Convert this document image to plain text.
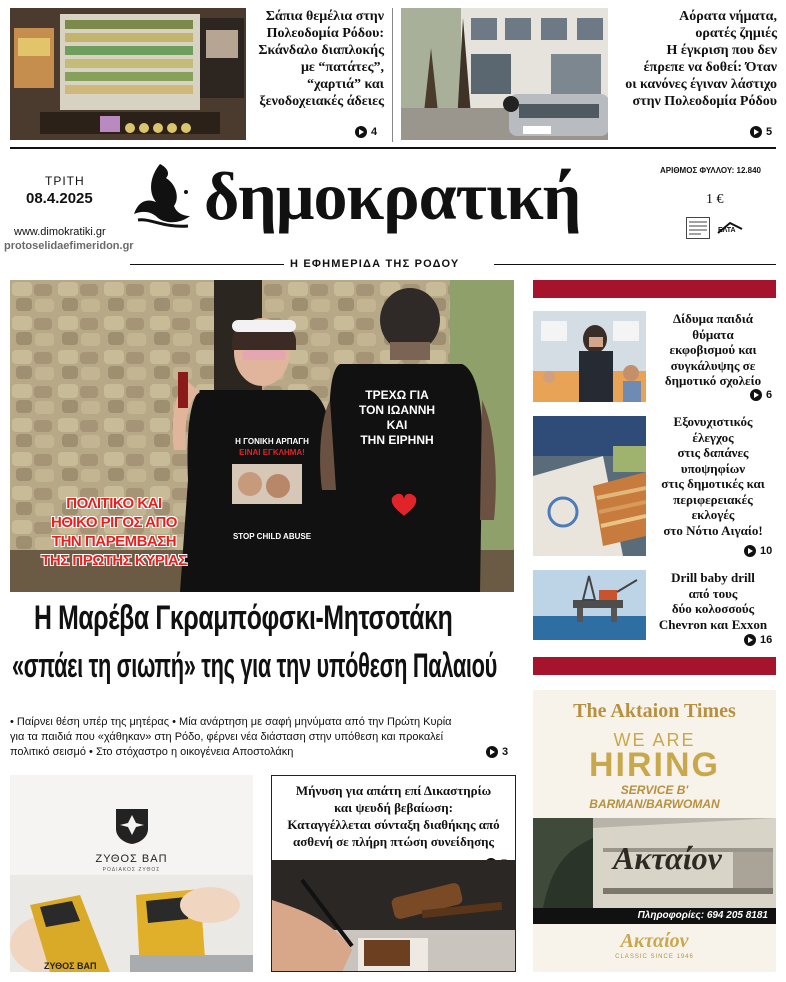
Σάπια θεμέλια στην
Πολεοδομία Ρόδου:
Σκάνδαλο διαπλοκής
με “πατάτες”,
“χαρτιά” και
ξενοδοχειακές άδειες
4
Αόρατα νήματα,
ορατές ζημιές
Η έγκριση που δεν
έπρεπε να δοθεί: Όταν
οι κανόνες έγιναν λάστιχο
στην Πολεοδομία Ρόδου
5
ΤΡΙΤΗ
08.4.2025
www.dimokratiki.gr
protoselidaefimeridon.gr
δημοκρατική	ΑΡΙΘΜΟΣ ΦΥΛΛΟΥ: 12.840
1 €
ΕΛΤΑ
Η ΕΦΗΜΕΡΙΔΑ ΤΗΣ ΡΟΔΟΥ
Η ΓΟΝΙΚΗ ΑΡΠΑΓΗ
ΕΙΝΑΙ ΕΓΚΛΗΜΑ!
STOP CHILD ABUSE
ΤΡΕΧΩ ΓΙΑ
ΤΟΝ ΙΩΑΝΝΗ
ΚΑΙ
ΤΗΝ ΕΙΡΗΝΗ
ΠΟΛΙΤΙΚΟ ΚΑΙ
ΗΘΙΚΟ ΡΙΓΟΣ ΑΠΟ
ΤΗΝ ΠΑΡΕΜΒΑΣΗ
ΤΗΣ ΠΡΩΤΗΣ ΚΥΡΙΑΣ
Η Μαρέβα Γκραμπόφσκι-Μητσοτάκη
«σπάει τη σιωπή» της για την υπόθεση Παλαιού
• Παίρνει θέση υπέρ της μητέρας • Μία ανάρτηση με σαφή μηνύματα από την Πρώτη Κυρία
για τα παιδιά που «χάθηκαν» στη Ρόδο, φέρνει νέα διάσταση στην υπόθεση και προκαλεί
πολιτικό σεισμό • Στο στόχαστρο η οικογένεια Αποστολάκη	3
Δίδυμα παιδιά
θύματα
εκφοβισμού και
συγκάλυψης σε
δημοτικό σχολείο
6
Εξονυχιστικός
έλεγχος
στις δαπάνες
υποψηφίων
στις δημοτικές και
περιφερειακές
εκλογές
στο Νότιο Αιγαίο!
10
Drill baby drill
από τους
δύο κολοσσούς
Chevron και Exxon
16
The Aktaion Times
WE ARE
HIRING
SERVICE B'
BARMAN/BARWOMAN
Ακταίον
Πληροφορίες: 694 205 8181
Ακταίον
CLASSIC SINCE 1946
ΖΥΘΟΣ ΒΑΠ
ΡΟΔΙΑΚΟΣ ΖΥΘΟΣ
ΖΥΘΟΣ ΒΑΠ
Μήνυση για απάτη επί Δικαστηρίω
και ψευδή βεβαίωση:
Καταγγέλλεται σύνταξη διαθήκης από
ασθενή σε πλήρη πτώση συνείδησης
